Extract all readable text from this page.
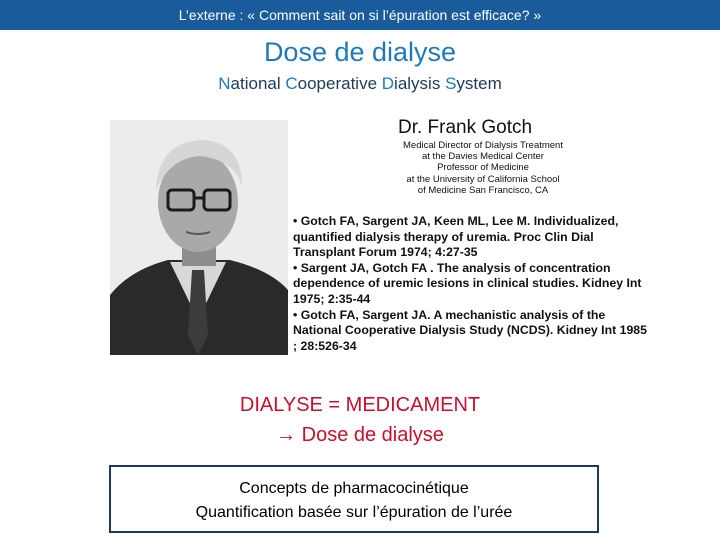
L’externe : « Comment sait on si l’épuration est efficace? »
Dose de dialyse
National Cooperative Dialysis System
Dr. Frank Gotch
Medical Director of Dialysis Treatment
at the Davies Medical Center
Professor of Medicine
at the University of California School
of Medicine San Francisco, CA
• Gotch FA, Sargent JA, Keen ML, Lee M. Individualized,
quantified dialysis therapy of uremia. Proc Clin Dial
Transplant Forum 1974; 4:27-35
• Sargent JA, Gotch FA . The analysis of concentration
dependence of uremic lesions in clinical studies. Kidney Int
1975; 2:35-44
• Gotch FA, Sargent JA. A mechanistic analysis of the
National Cooperative Dialysis Study (NCDS). Kidney Int 1985
; 28:526-34
DIALYSE = MEDICAMENT
→ Dose de dialyse
Concepts de pharmacocinétique
Quantification basée sur l’épuration de l’urée
